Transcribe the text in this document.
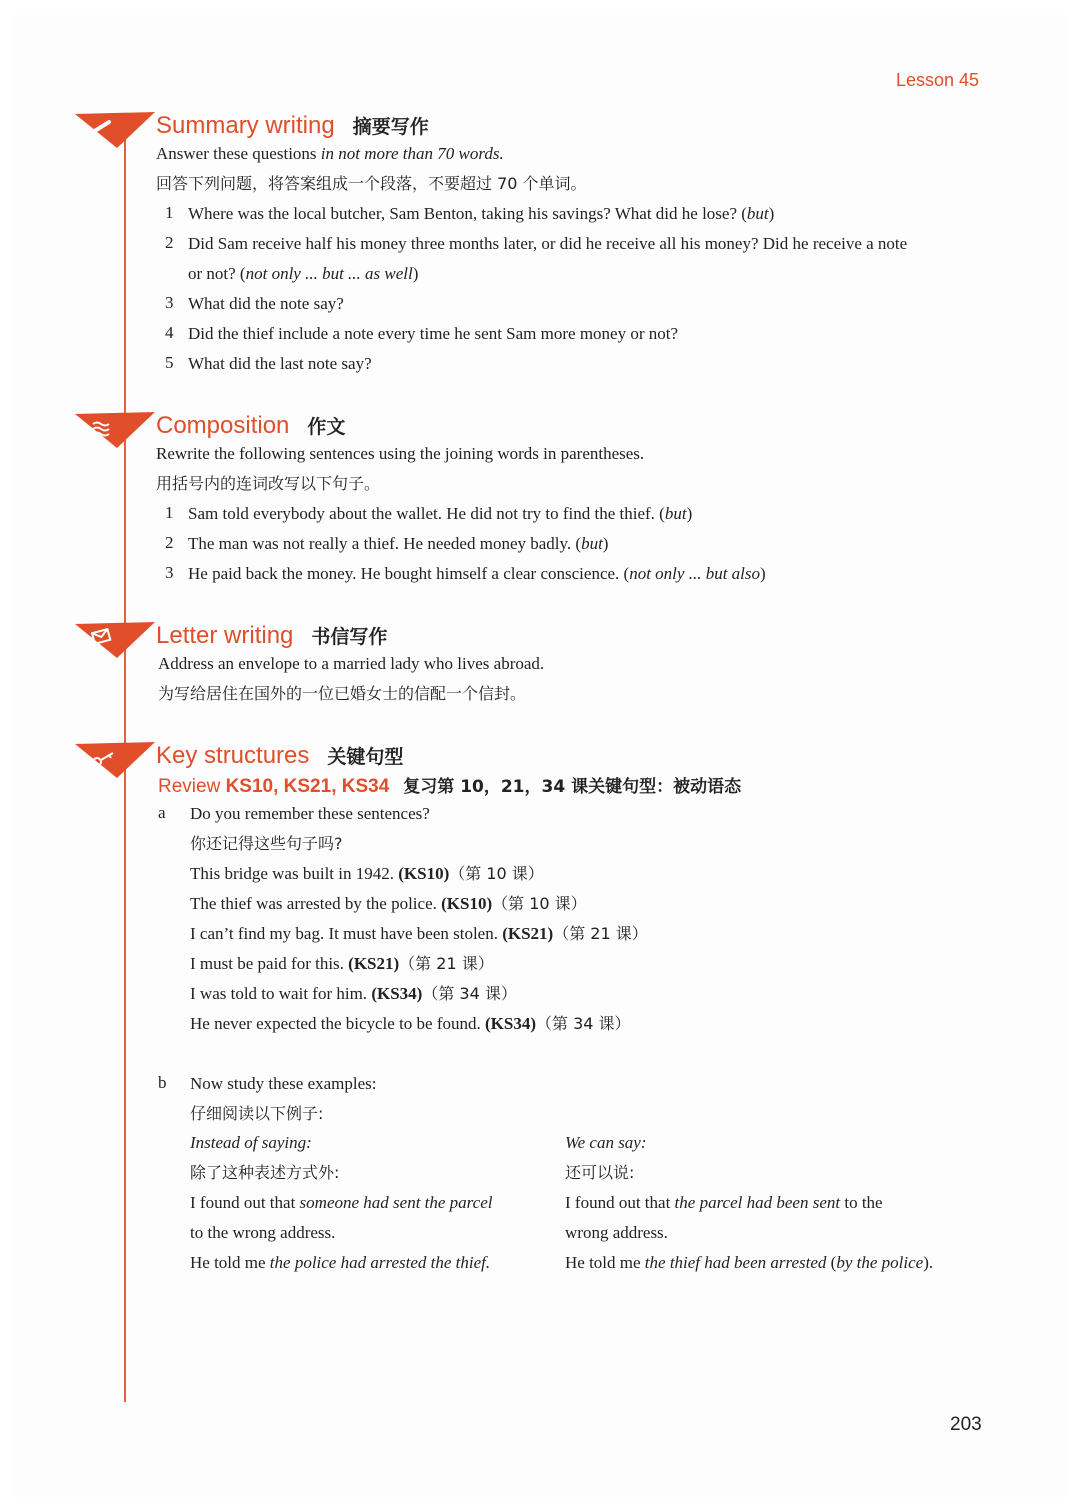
Lesson 45
Summary writing 摘要写作
Answer these questions in not more than 70 words.
回答下列问题，将答案组成一个段落，不要超过 70 个单词。
1 Where was the local butcher, Sam Benton, taking his savings? What did he lose? (but)
2 Did Sam receive half his money three months later, or did he receive all his money? Did he receive a note
or not? (not only ... but ... as well)
3 What did the note say?
4 Did the thief include a note every time he sent Sam more money or not?
5 What did the last note say?
Composition 作文
Rewrite the following sentences using the joining words in parentheses.
用括号内的连词改写以下句子。
1 Sam told everybody about the wallet. He did not try to find the thief. (but)
2 The man was not really a thief. He needed money badly. (but)
3 He paid back the money. He bought himself a clear conscience. (not only ... but also)
Letter writing 书信写作
Address an envelope to a married lady who lives abroad.
为写给居住在国外的一位已婚女士的信配一个信封。
Key structures 关键句型
Review KS10, KS21, KS34 复习第 10，21，34 课关键句型：被动语态
a Do you remember these sentences?
你还记得这些句子吗?
This bridge was built in 1942. (KS10)（第 10 课）
The thief was arrested by the police. (KS10)（第 10 课）
I can’t find my bag. It must have been stolen. (KS21)（第 21 课）
I must be paid for this. (KS21)（第 21 课）
I was told to wait for him. (KS34)（第 34 课）
He never expected the bicycle to be found. (KS34)（第 34 课）
b Now study these examples:
仔细阅读以下例子:
Instead of saying:
除了这种表述方式外:
I found out that someone had sent the parcel
to the wrong address.
He told me the police had arrested the thief.
We can say:
还可以说:
I found out that the parcel had been sent to the
wrong address.
He told me the thief had been arrested (by the police).
203
